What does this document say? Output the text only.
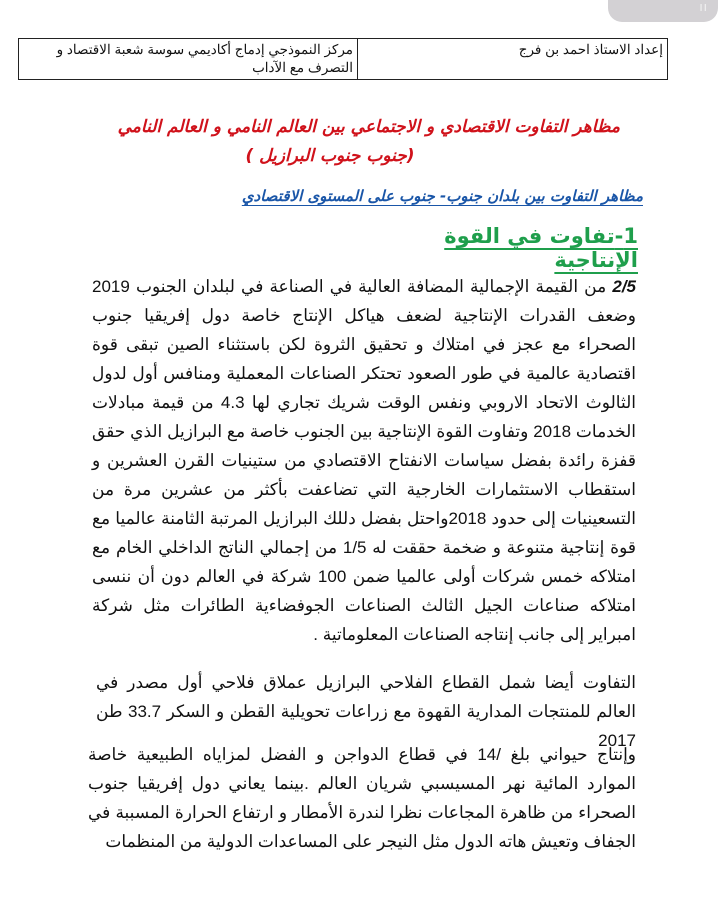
ıı
إعداد الاستاذ احمد بن فرج
مركز النموذجي إدماج أكاديمي سوسة شعبة الاقتصاد و التصرف مع الآداب
مظاهر التفاوت الاقتصادي و الاجتماعي بين العالم النامي و العالم النامي
(جنوب جنوب البرازيل )
مظاهر التفاوت بين بلدان جنوب- جنوب على المستوى الاقتصادي
1-تفاوت في القوة الإنتاجية
2/5 من القيمة الإجمالية المضافة العالية في الصناعة في لبلدان الجنوب 2019 وضعف القدرات الإنتاجية لضعف هياكل الإنتاج خاصة دول إفريقيا جنوب الصحراء مع عجز في امتلاك و تحقيق الثروة لكن باستثناء الصين تبقى قوة اقتصادية عالمية في طور الصعود تحتكر الصناعات المعملية ومنافس أول لدول الثالوث الاتحاد الاروبي ونفس الوقت شريك تجاري لها 4.3 من قيمة مبادلات الخدمات 2018 وتفاوت القوة الإنتاجية بين الجنوب خاصة مع البرازيل الذي حقق قفزة رائدة بفضل سياسات الانفتاح الاقتصادي من ستينيات القرن العشرين و استقطاب الاستثمارات الخارجية التي تضاعفت بأكثر من عشرين مرة من التسعينيات إلى حدود 2018واحتل بفضل دللك البرازيل المرتبة الثامنة عالميا مع قوة إنتاجية متنوعة و ضخمة حققت له 1/5 من إجمالي الناتج الداخلي الخام مع امتلاكه خمس شركات أولى عالميا ضمن 100 شركة في العالم دون أن ننسى امتلاكه صناعات الجيل الثالث الصناعات الجوفضاءية الطائرات مثل شركة امبراير إلى جانب إنتاجه الصناعات المعلوماتية .
التفاوت أيضا شمل القطاع الفلاحي البرازيل عملاق فلاحي أول مصدر في العالم للمنتجات المدارية القهوة مع زراعات تحويلية القطن و السكر 33.7 طن 2017
وإنتاج حيواني بلغ /14 في قطاع الدواجن و الفضل لمزاياه الطبيعية خاصة الموارد المائية نهر المسيسبي شريان العالم .بينما يعاني دول إفريقيا جنوب الصحراء من ظاهرة المجاعات نظرا لندرة الأمطار و ارتفاع الحرارة المسببة في الجفاف وتعيش هاته الدول مثل النيجر على المساعدات الدولية من المنظمات
